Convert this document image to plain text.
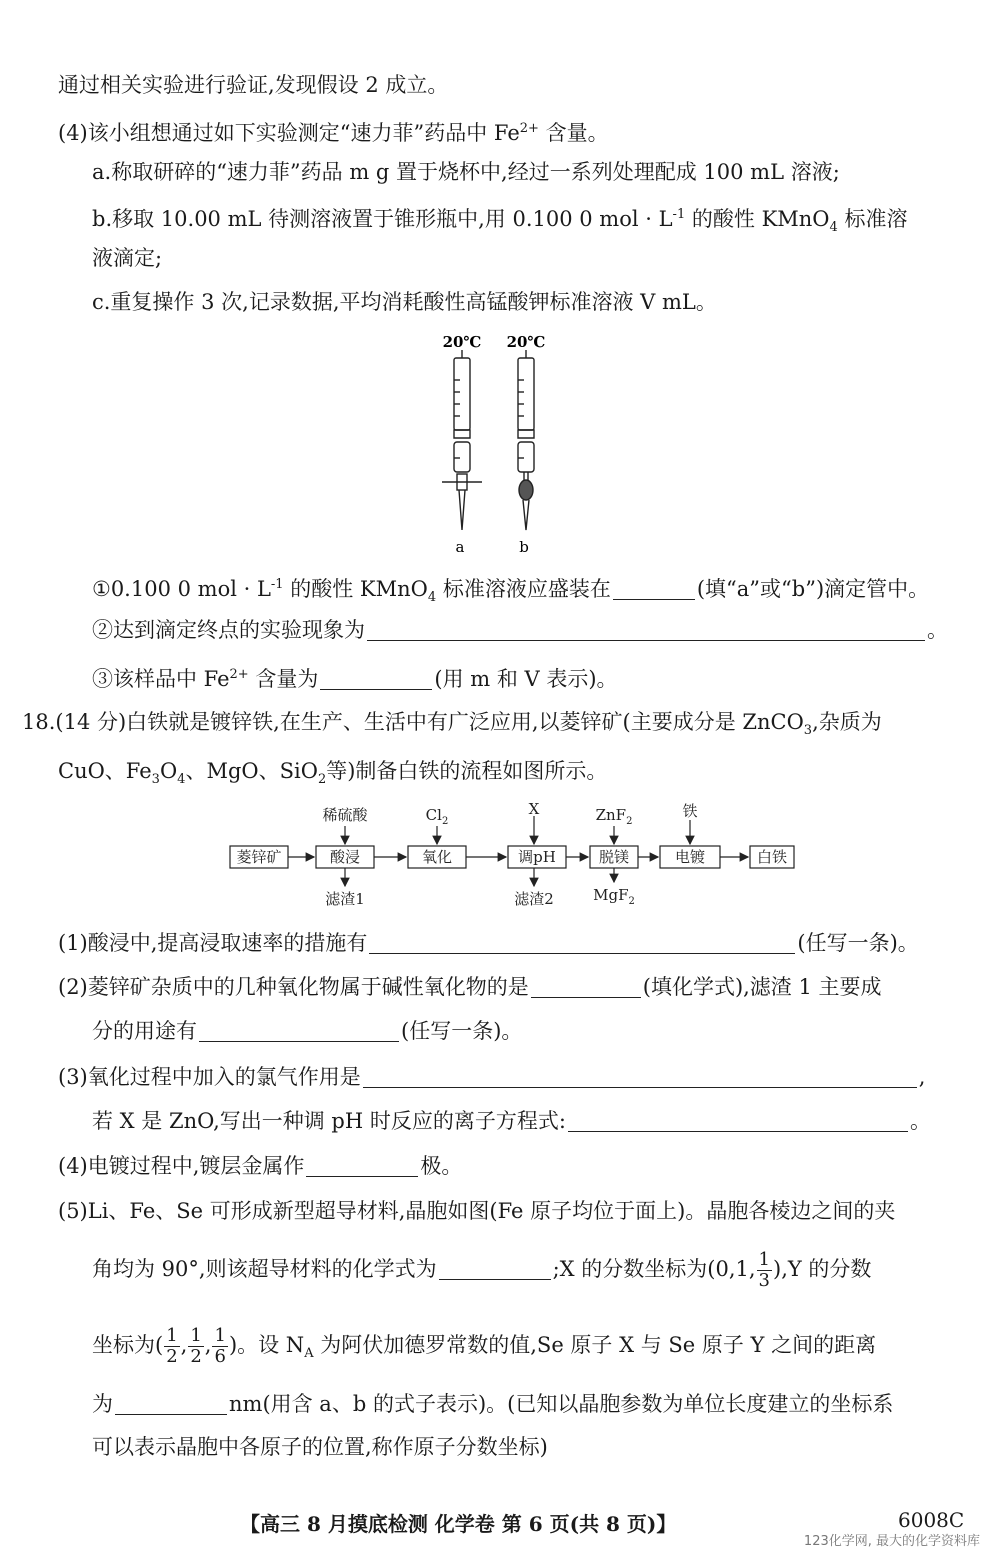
通过相关实验进行验证,发现假设 2 成立。
(4)该小组想通过如下实验测定“速力菲”药品中 $Fe^{2+}$ 含量。
a.称取研碎的“速力菲”药品 m g 置于烧杯中,经过一系列处理配成 100 mL 溶液;
b.移取 10.00 mL 待测溶液置于锥形瓶中,用 0.100 0 mol · $L^{-1}$ 的酸性 KMnO$_4$ 标准溶
液滴定;
c.重复操作 3 次,记录数据,平均消耗酸性高锰酸钾标准溶液 V mL。
20℃ 20℃
a	b
①0.100 0 mol · $L^{-1}$ 的酸性 KMnO$_4$ 标准溶液应盛装在	(填“a”或“b”)滴定管中。
②达到滴定终点的实验现象为	。
③该样品中 $Fe^{2+}$ 含量为	(用 m 和 V 表示)。
18.(14 分)白铁就是镀锌铁,在生产、生活中有广泛应用,以菱锌矿(主要成分是 ZnCO$_3$,杂质为
CuO、$Fe_3O_4$、MgO、SiO$_2$等)制备白铁的流程如图所示。
菱锌矿	酸浸	氧化	调pH	脱镁	电镀	白铁
稀硫酸	$Cl_2$
X	ZnF$_2$
铁
滤渣1	滤渣2	MgF$_2$
(1)酸浸中,提高浸取速率的措施有	(任写一条)。
(2)菱锌矿杂质中的几种氧化物属于碱性氧化物的是	(填化学式),滤渣 1 主要成
分的用途有	(任写一条)。
(3)氧化过程中加入的氯气作用是	,
若 X 是 ZnO,写出一种调 pH 时反应的离子方程式:	。
(4)电镀过程中,镀层金属作	极。
(5)Li、Fe、Se 可形成新型超导材料,晶胞如图(Fe 原子均位于面上)。晶胞各棱边之间的夹
角均为 90°,则该超导材料的化学式为	;X 的分数坐标为(0,1, $\frac{1}{3} ),Y$ 的分数
坐标为( $\frac{1}{2}$ , $\frac{1}{2}$ , $\frac{1}{6}$ )。设 $N_A$ 为阿伏加德罗常数的值,Se 原子 X 与 Se 原子 Y 之间的距离
为	nm(用含 a、b 的式子表示)。(已知以晶胞参数为单位长度建立的坐标系
可以表示晶胞中各原子的位置,称作原子分数坐标)
【高三 8 月摸底检测 化学卷 第 6 页(共 8 页)】	6008C
123化学网, 最大的化学资料库
